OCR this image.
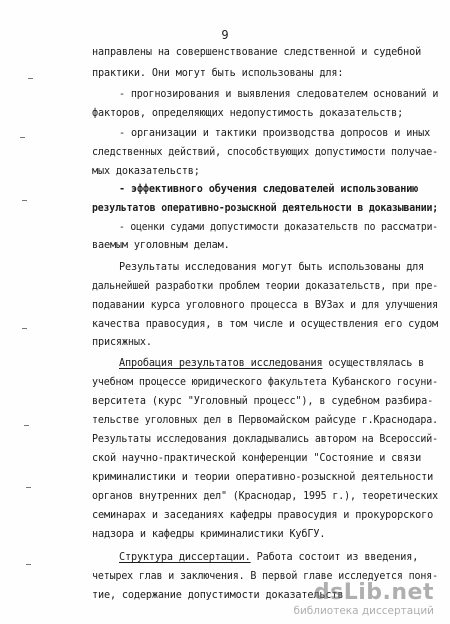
9
направлены на совершенствование следственной и судебной
практики. Они могут быть использованы для:
- прогнозирования и выявления следователем оснований и
факторов, определяющих недопустимость доказательств;
- организации и тактики производства допросов и иных
следственных действий, способствующих допустимости получае-
мых доказательств;
- эффективного обучения следователей использованию
результатов оперативно-розыскной деятельности в доказывании;
- оценки судами допустимости доказательств по рассматри-
ваемым уголовным делам.
Результаты исследования могут быть использованы для
дальнейшей разработки проблем теории доказательств, при пре-
подавании курса уголовного процесса в ВУЗах и для улучшения
качества правосудия, в том числе и осуществления его судом
присяжных.
Апробация результатов исследования осуществлялась в
учебном процессе юридического факультета Кубанского госуни-
верситета (курс "Уголовный процесс"), в судебном разбира-
тельстве уголовных дел в Первомайском райсуде г.Краснодара.
Результаты исследования докладывались автором на Всероссий-
ской научно-практической конференции "Состояние и связи
криминалистики и теории оперативно-розыскной деятельности
органов внутренних дел" (Краснодар, 1995 г.), теоретических
семинарах и заседаниях кафедры правосудия и прокурорского
надзора и кафедры криминалистики КубГУ.
Структура диссертации. Работа состоит из введения,
четырех глав и заключения. В первой главе исследуется поня-
тие, содержание допустимости доказательств
dsLib.net
библиотека диссертаций
